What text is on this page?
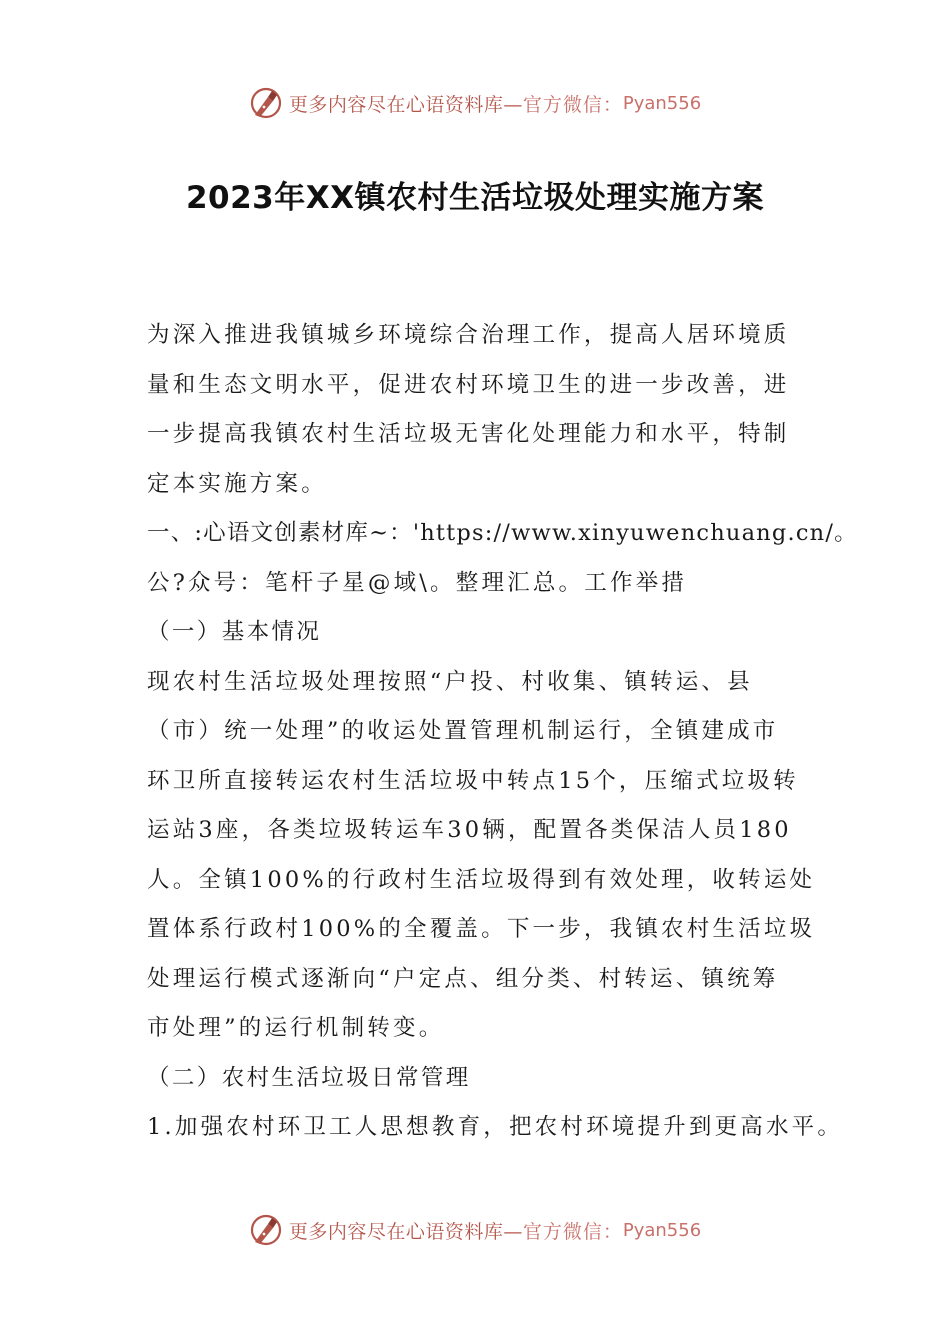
更多内容尽在心语资料库— 官方微信： Pyan556
2023年XX镇农村生活垃圾处理实施方案
为深入推进我镇城乡环境综合治理工作，提高人居环境质
量和生态文明水平，促进农村环境卫生的进一步改善，进
一步提高我镇农村生活垃圾无害化处理能力和水平，特制
定本实施方案。
一、:心语文创素材库~：'https://www.xinyuwenchuang.cn/。
公?众号：笔杆子星@域\。整理汇总。工作举措
（一）基本情况
现农村生活垃圾处理按照“户投、村收集、镇转运、县
（市）统一处理”的收运处置管理机制运行，全镇建成市
环卫所直接转运农村生活垃圾中转点15个，压缩式垃圾转
运站3座，各类垃圾转运车30辆，配置各类保洁人员180
人。全镇100%的行政村生活垃圾得到有效处理，收转运处
置体系行政村100%的全覆盖。下一步，我镇农村生活垃圾
处理运行模式逐渐向“户定点、组分类、村转运、镇统筹
市处理”的运行机制转变。
（二）农村生活垃圾日常管理
1.加强农村环卫工人思想教育，把农村环境提升到更高水平。
更多内容尽在心语资料库— 官方微信： Pyan556
